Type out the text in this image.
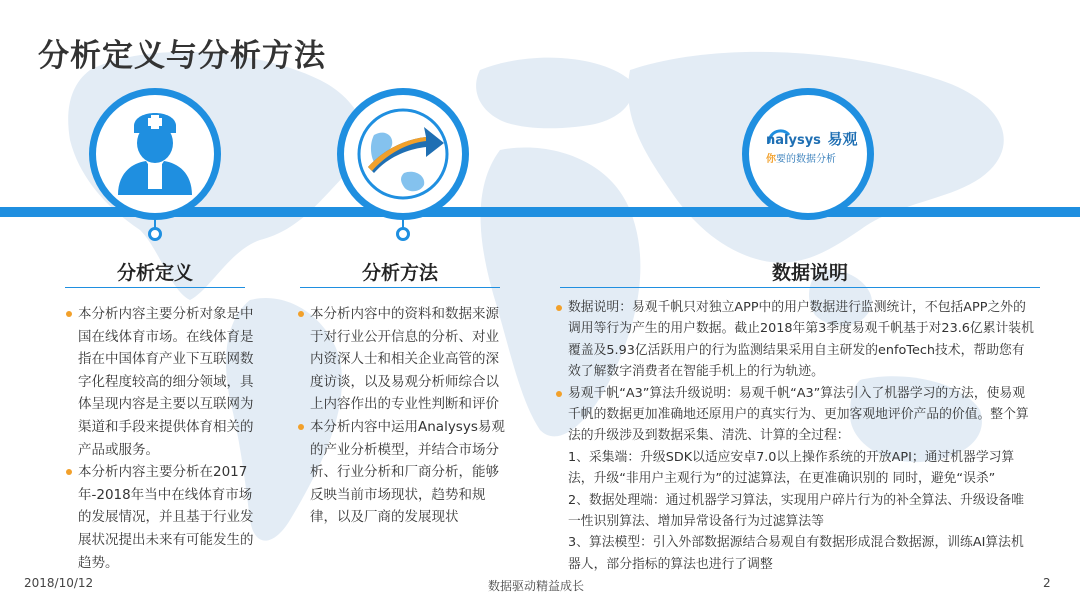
分析定义与分析方法
nalysys 易观
你要的数据分析
分析定义	分析方法	数据说明
本分析内容主要分析对象是中国在线体育市场。在线体育是指在中国体育产业下互联网数字化程度较高的细分领域，具体呈现内容是主要以互联网为渠道和手段来提供体育相关的产品或服务。
本分析内容主要分析在2017年-2018年当中在线体育市场的发展情况，并且基于行业发展状况提出未来有可能发生的趋势。
本分析内容中的资料和数据来源于对行业公开信息的分析、对业内资深人士和相关企业高管的深度访谈，以及易观分析师综合以上内容作出的专业性判断和评价
本分析内容中运用Analysys易观的产业分析模型，并结合市场分析、行业分析和厂商分析，能够反映当前市场现状，趋势和规律，以及厂商的发展现状
数据说明：易观千帆只对独立APP中的用户数据进行监测统计，不包括APP之外的调用等行为产生的用户数据。截止2018年第3季度易观千帆基于对23.6亿累计装机覆盖及5.93亿活跃用户的行为监测结果采用自主研发的enfoTech技术，帮助您有效了解数字消费者在智能手机上的行为轨迹。
易观千帆“A3”算法升级说明：易观千帆“A3”算法引入了机器学习的方法，使易观千帆的数据更加准确地还原用户的真实行为、更加客观地评价产品的价值。整个算法的升级涉及到数据采集、清洗、计算的全过程：
1、采集端：升级SDK以适应安卓7.0以上操作系统的开放API；通过机器学习算法，升级“非用户主观行为”的过滤算法，在更准确识别的 同时，避免“误杀”
2、数据处理端：通过机器学习算法，实现用户碎片行为的补全算法、升级设备唯一性识别算法、增加异常设备行为过滤算法等
3、算法模型：引入外部数据源结合易观自有数据形成混合数据源，训练AI算法机器人，部分指标的算法也进行了调整
2018/10/12	数据驱动精益成长	2
